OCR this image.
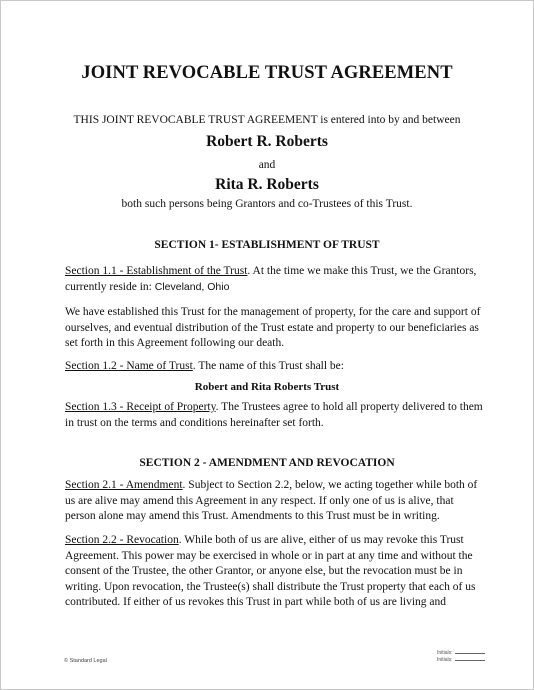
JOINT REVOCABLE TRUST AGREEMENT
THIS JOINT REVOCABLE TRUST AGREEMENT is entered into by and between
Robert R. Roberts
and
Rita R. Roberts
both such persons being Grantors and co-Trustees of this Trust.
SECTION 1- ESTABLISHMENT OF TRUST
Section 1.1 - Establishment of the Trust. At the time we make this Trust, we the Grantors, currently reside in: Cleveland, Ohio
We have established this Trust for the management of property, for the care and support of ourselves, and eventual distribution of the Trust estate and property to our beneficiaries as set forth in this Agreement following our death.
Section 1.2 - Name of Trust. The name of this Trust shall be:
Robert and Rita Roberts Trust
Section 1.3 - Receipt of Property. The Trustees agree to hold all property delivered to them in trust on the terms and conditions hereinafter set forth.
SECTION 2 - AMENDMENT AND REVOCATION
Section 2.1 - Amendment. Subject to Section 2.2, below, we acting together while both of us are alive may amend this Agreement in any respect. If only one of us is alive, that person alone may amend this Trust. Amendments to this Trust must be in writing.
Section 2.2 - Revocation. While both of us are alive, either of us may revoke this Trust Agreement. This power may be exercised in whole or in part at any time and without the consent of the Trustee, the other Grantor, or anyone else, but the revocation must be in writing. Upon revocation, the Trustee(s) shall distribute the Trust property that each of us contributed. If either of us revokes this Trust in part while both of us are living and
© Standard Legal
Initials:
Initials:
